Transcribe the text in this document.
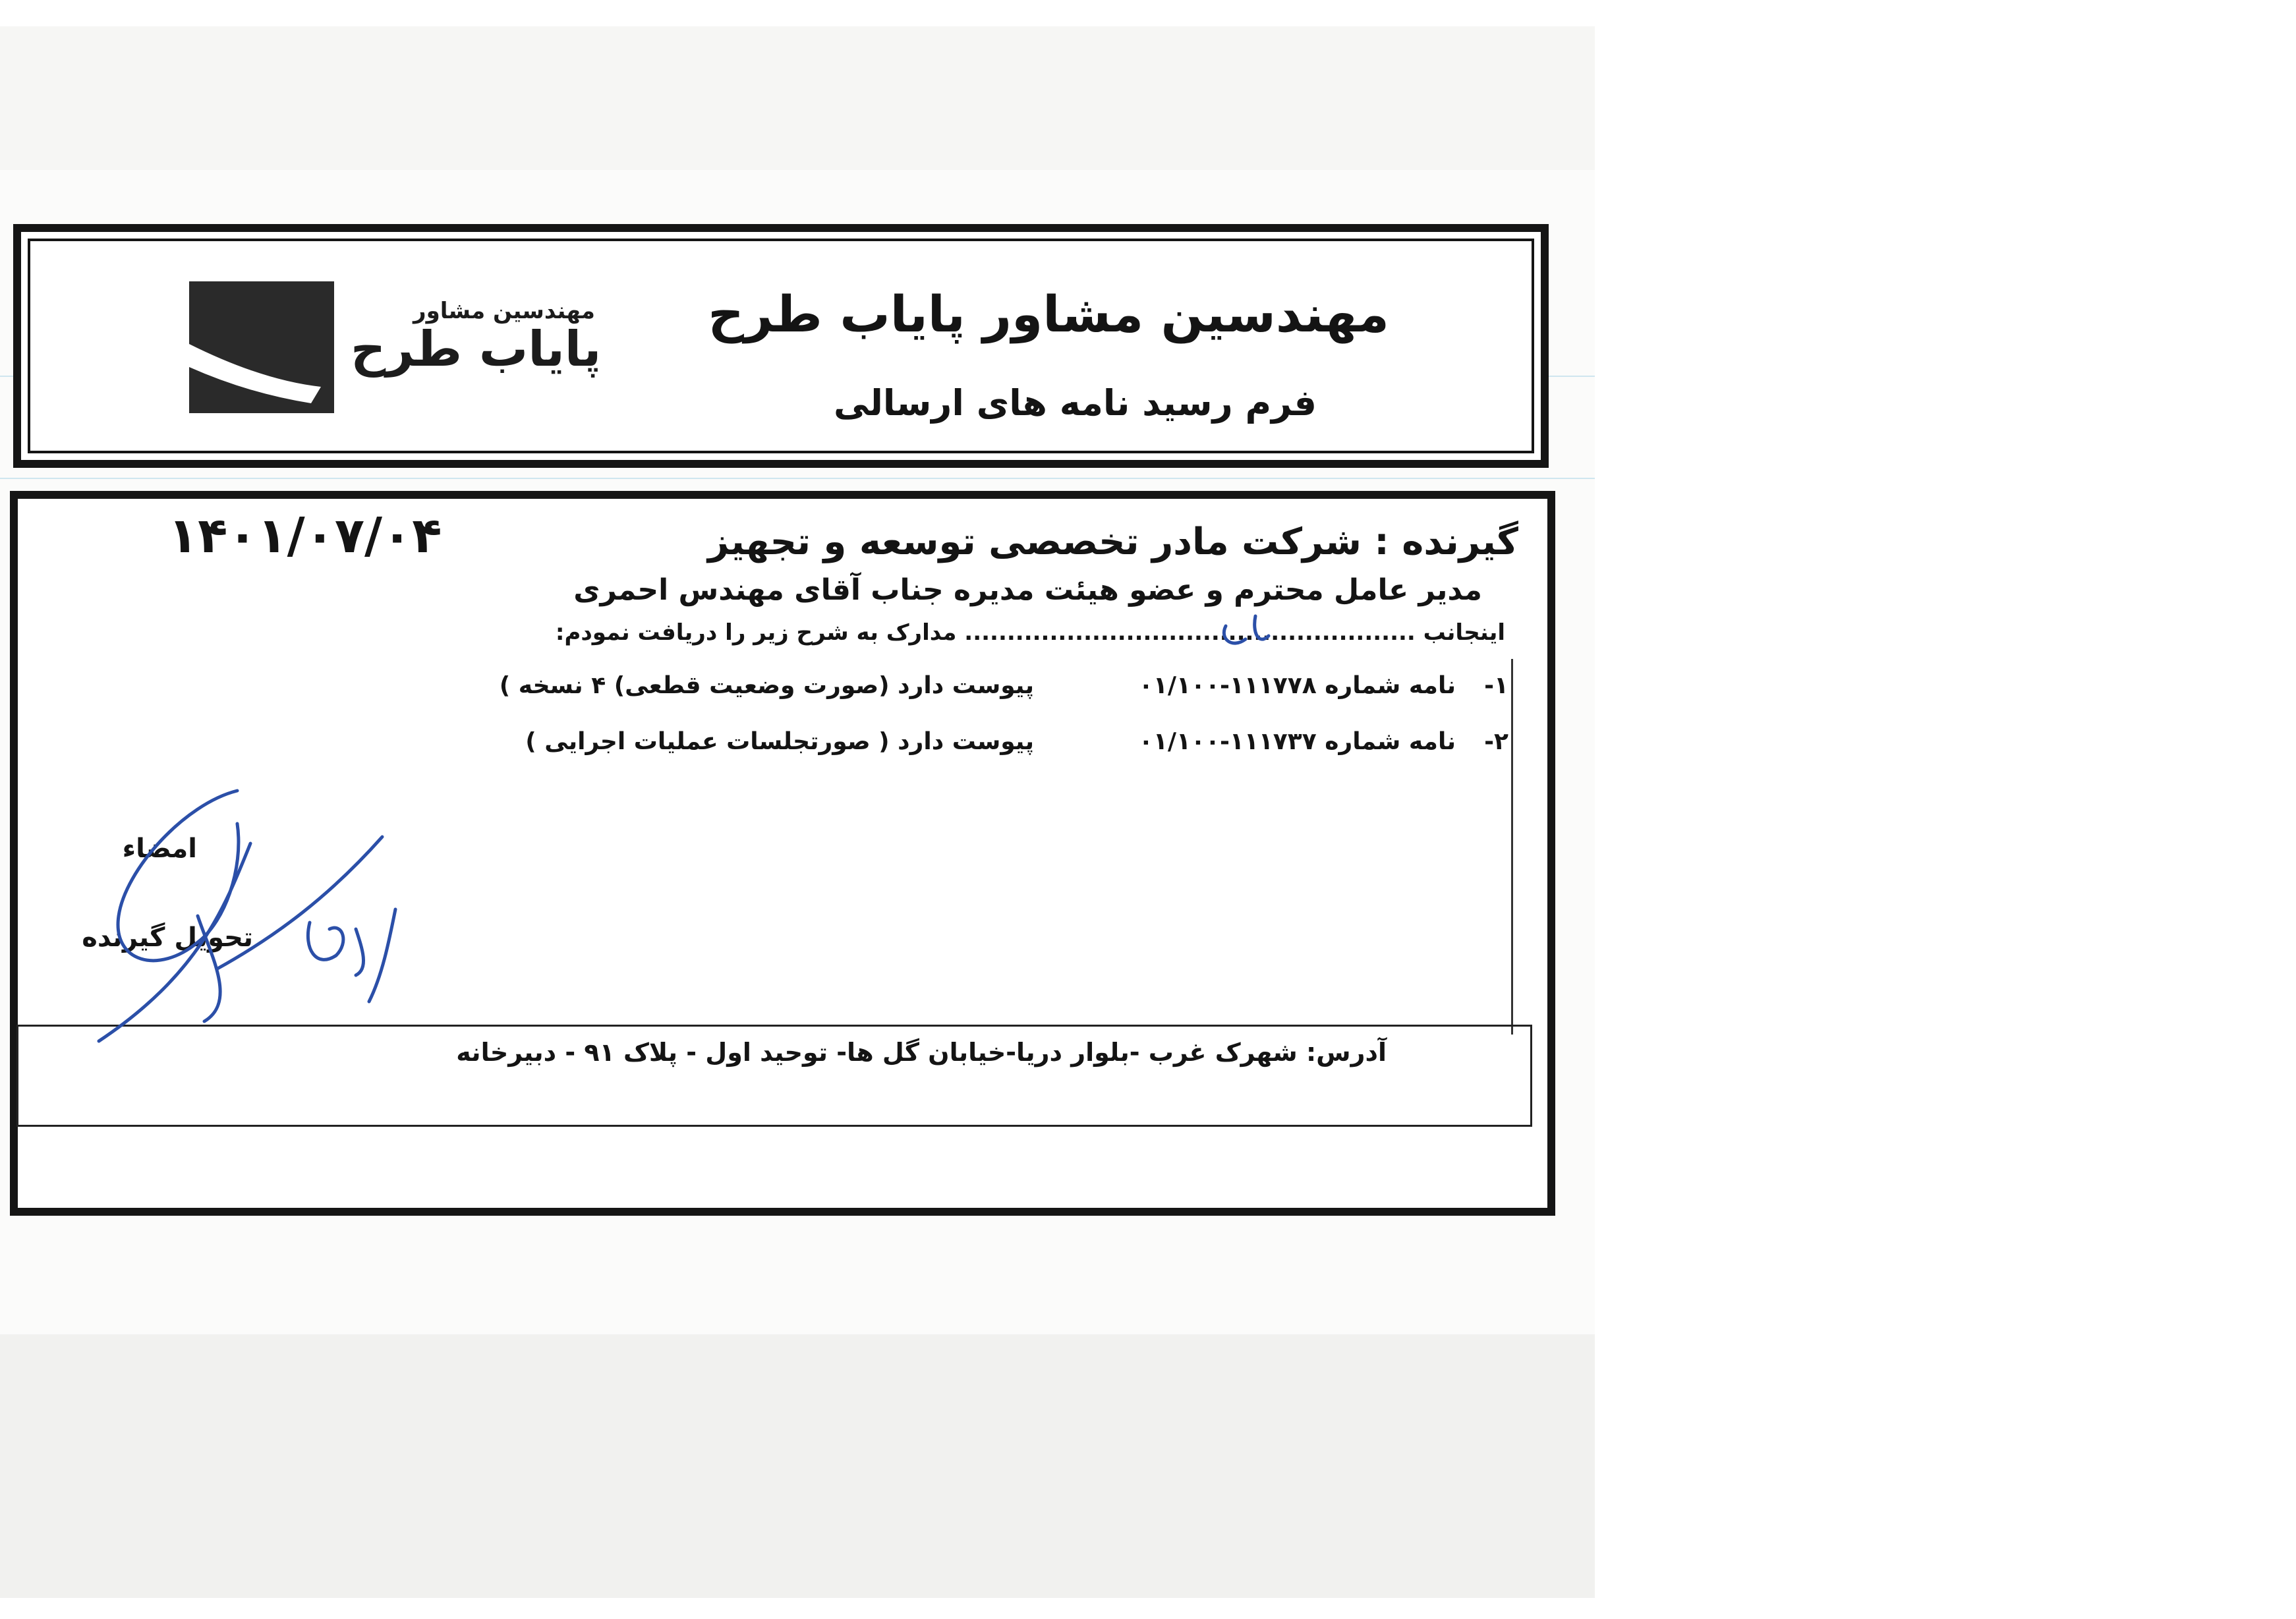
مهندسین مشاور
پایاب طرح
مهندسین مشاور پایاب طرح
فرم رسید نامه های ارسالی
۱۴۰۱/۰۷/۰۴	گیرنده : شرکت مادر تخصصی توسعه و تجهیز
مدیر عامل محترم و عضو هیئت مدیره جناب آقای مهندس احمری
اینجانب ..................................................... مدارک به شرح زیر را دریافت نمودم:
۱-نامه شماره ۱۱۱۷۷۸-۰۱/۱۰۰پیوست دارد (صورت وضعیت قطعی) ۴ نسخه )
۲-نامه شماره ۱۱۱۷۳۷-۰۱/۱۰۰پیوست دارد ( صورتجلسات عملیات اجرایی )
امضاء
تحویل گیرنده
آدرس: شهرک غرب -بلوار دریا-خیابان گل ها- توحید اول - پلاک ۹۱ - دبیرخانه
